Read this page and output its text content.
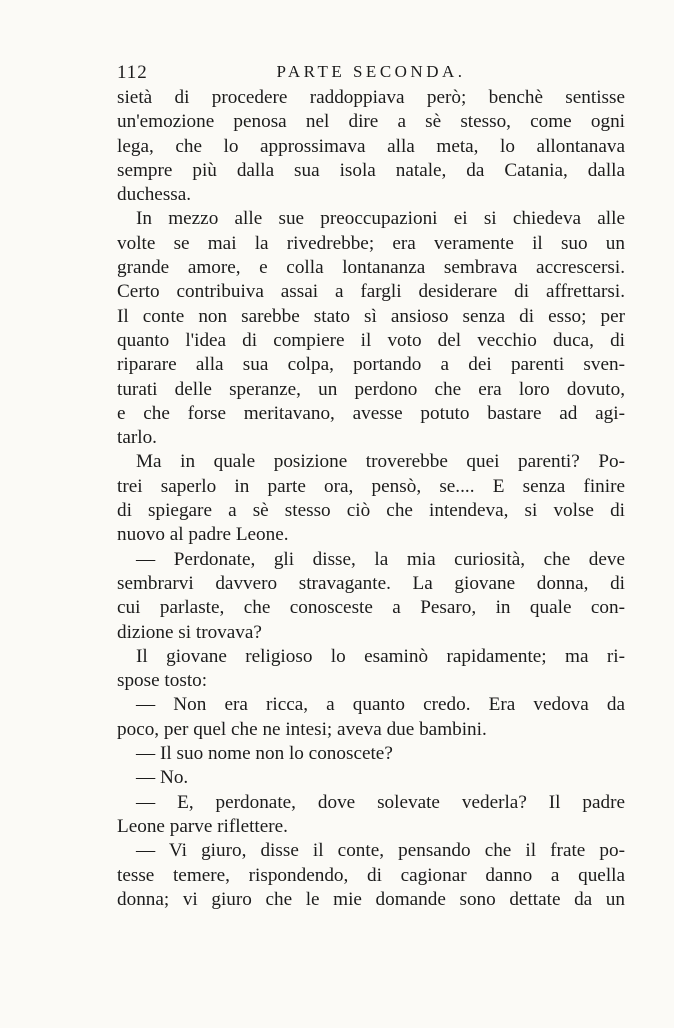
112	PARTE SECONDA.
sietà di procedere raddoppiava però; benchè sentisse
un'emozione penosa nel dire a sè stesso, come ogni
lega, che lo approssimava alla meta, lo allontanava
sempre più dalla sua isola natale, da Catania, dalla
duchessa.
In mezzo alle sue preoccupazioni ei si chiedeva alle
volte se mai la rivedrebbe; era veramente il suo un
grande amore, e colla lontananza sembrava accrescersi.
Certo contribuiva assai a fargli desiderare di affrettarsi.
Il conte non sarebbe stato sì ansioso senza di esso; per
quanto l'idea di compiere il voto del vecchio duca, di
riparare alla sua colpa, portando a dei parenti sven-
turati delle speranze, un perdono che era loro dovuto,
e che forse meritavano, avesse potuto bastare ad agi-
tarlo.
Ma in quale posizione troverebbe quei parenti? Po-
trei saperlo in parte ora, pensò, se.... E senza finire
di spiegare a sè stesso ciò che intendeva, si volse di
nuovo al padre Leone.
— Perdonate, gli disse, la mia curiosità, che deve
sembrarvi davvero stravagante. La giovane donna, di
cui parlaste, che conosceste a Pesaro, in quale con-
dizione si trovava?
Il giovane religioso lo esaminò rapidamente; ma ri-
spose tosto:
— Non era ricca, a quanto credo. Era vedova da
poco, per quel che ne intesi; aveva due bambini.
— Il suo nome non lo conoscete?
— No.
— E, perdonate, dove solevate vederla? Il padre
Leone parve riflettere.
— Vi giuro, disse il conte, pensando che il frate po-
tesse temere, rispondendo, di cagionar danno a quella
donna; vi giuro che le mie domande sono dettate da un
